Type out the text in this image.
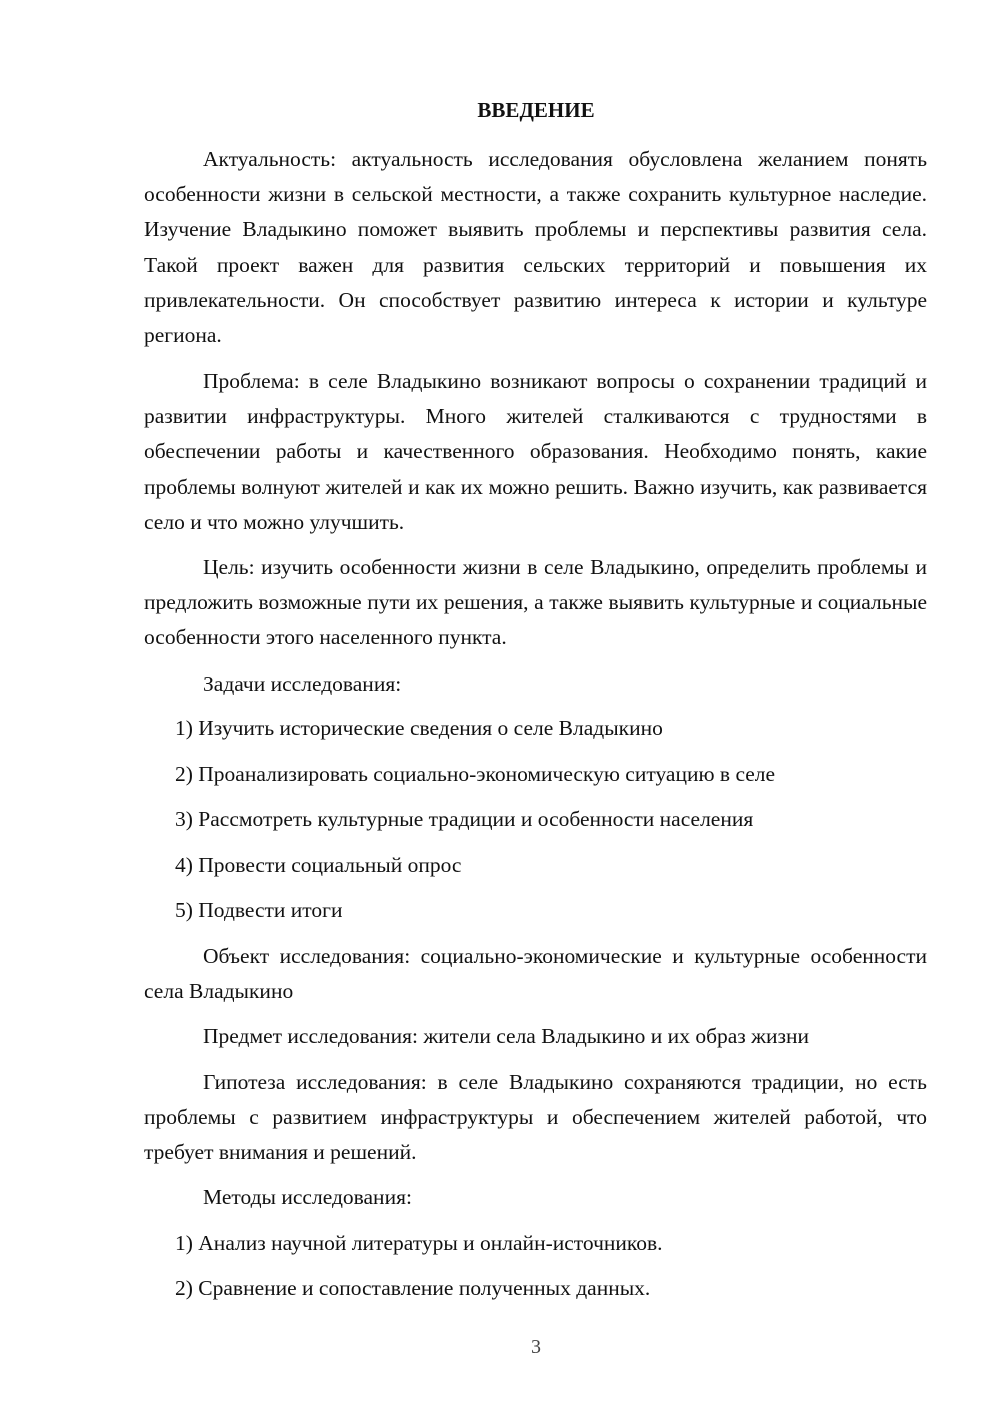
ВВЕДЕНИЕ

Актуальность: актуальность исследования обусловлена желанием понять особенности жизни в сельской местности, а также сохранить культурное наследие. Изучение Владыкино поможет выявить проблемы и перспективы развития села. Такой проект важен для развития сельских территорий и повышения их привлекательности. Он способствует развитию интереса к истории и культуре региона.

Проблема: в селе Владыкино возникают вопросы о сохранении традиций и развитии инфраструктуры. Много жителей сталкиваются с трудностями в обеспечении работы и качественного образования. Необходимо понять, какие проблемы волнуют жителей и как их можно решить. Важно изучить, как развивается село и что можно улучшить.

Цель: изучить особенности жизни в селе Владыкино, определить проблемы и предложить возможные пути их решения, а также выявить культурные и социальные особенности этого населенного пункта.

Задачи исследования:

1) Изучить исторические сведения о селе Владыкино

2) Проанализировать социально-экономическую ситуацию в селе

3) Рассмотреть культурные традиции и особенности населения

4) Провести социальный опрос

5) Подвести итоги

Объект исследования: социально-экономические и культурные особенности села Владыкино

Предмет исследования: жители села Владыкино и их образ жизни

Гипотеза исследования: в селе Владыкино сохраняются традиции, но есть проблемы с развитием инфраструктуры и обеспечением жителей работой, что требует внимания и решений.

Методы исследования:

1) Анализ научной литературы и онлайн-источников.

2) Сравнение и сопоставление полученных данных.

3
